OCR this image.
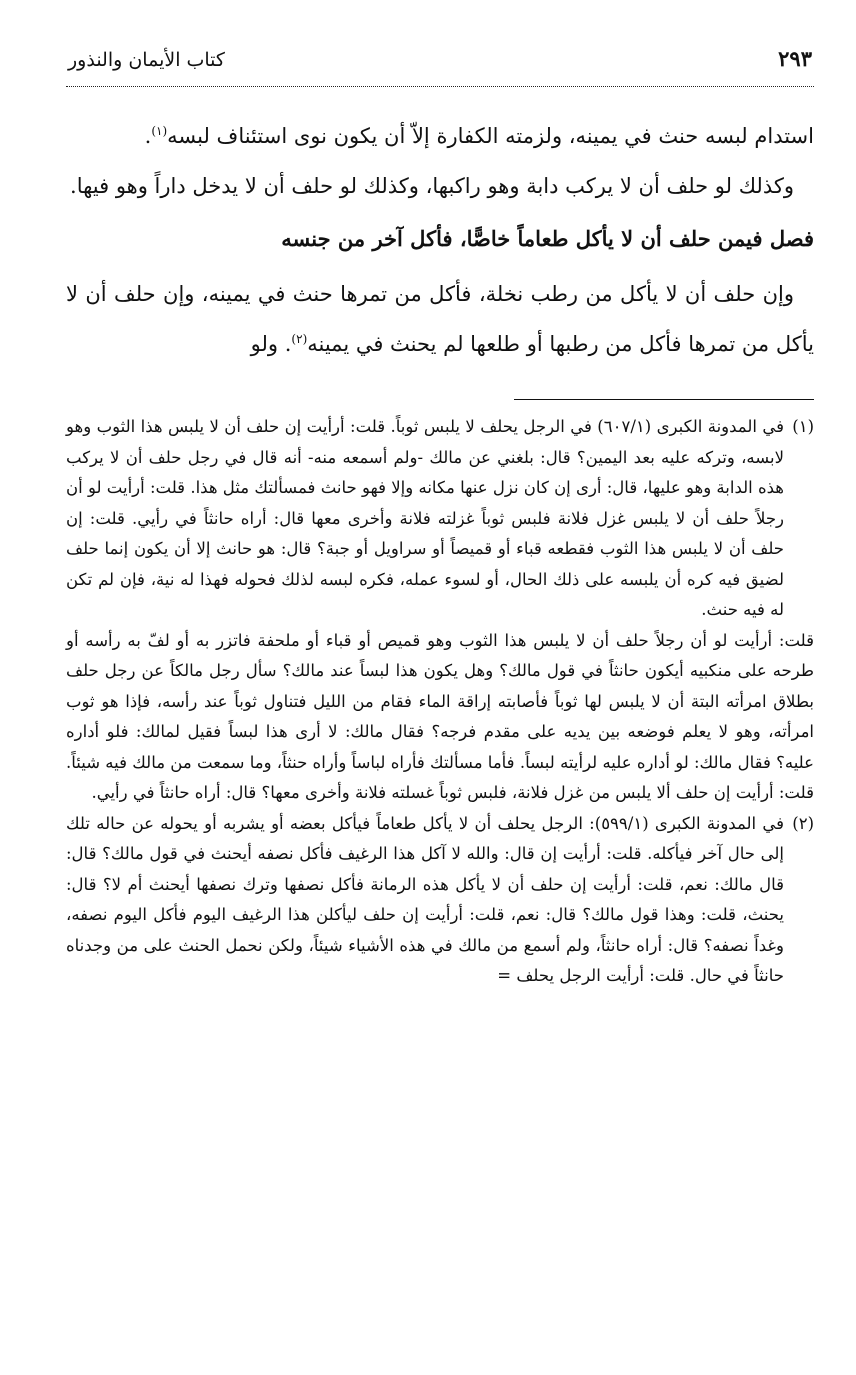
٢٩٣
كتاب الأيمان والنذور

استدام لبسه حنث في يمينه، ولزمته الكفارة إلاّ أن يكون نوى استئناف لبسه$^{(١)}$.

وكذلك لو حلف أن لا يركب دابة وهو راكبها، وكذلك لو حلف أن لا يدخل داراً وهو فيها.

فصل فيمن حلف أن لا يأكل طعاماً خاصًّا، فأكل آخر من جنسه

وإن حلف أن لا يأكل من رطب نخلة، فأكل من تمرها حنث في يمينه، وإن حلف أن لا يأكل من تمرها فأكل من رطبها أو طلعها لم يحنث في يمينه$^{(٢)}$. ولو

(١)

في المدونة الكبرى (٦٠٧/١) في الرجل يحلف لا يلبس ثوباً. قلت: أرأيت إن حلف أن لا يلبس هذا الثوب وهو لابسه، وتركه عليه بعد اليمين؟ قال: بلغني عن مالك -ولم أسمعه منه- أنه قال في رجل حلف أن لا يركب هذه الدابة وهو عليها، قال: أرى إن كان نزل عنها مكانه وإلا فهو حانث فمسألتك مثل هذا. قلت: أرأيت لو أن رجلاً حلف أن لا يلبس غزل فلانة فلبس ثوباً غزلته فلانة وأخرى معها قال: أراه حانثاً في رأيي. قلت: إن حلف أن لا يلبس هذا الثوب فقطعه قباء أو قميصاً أو سراويل أو جبة؟ قال: هو حانث إلا أن يكون إنما حلف لضيق فيه كره أن يلبسه على ذلك الحال، أو لسوء عمله، فكره لبسه لذلك فحوله فهذا له نية، فإن لم تكن له فيه حنث.

قلت: أرأيت لو أن رجلاً حلف أن لا يلبس هذا الثوب وهو قميص أو قباء أو ملحفة فاتزر به أو لفّ به رأسه أو طرحه على منكبيه أيكون حانثاً في قول مالك؟ وهل يكون هذا لبساً عند مالك؟ سأل رجل مالكاً عن رجل حلف بطلاق امرأته البتة أن لا يلبس لها ثوباً فأصابته إراقة الماء فقام من الليل فتناول ثوباً عند رأسه، فإذا هو ثوب امرأته، وهو لا يعلم فوضعه بين يديه على مقدم فرجه؟ فقال مالك: لا أرى هذا لبساً فقيل لمالك: فلو أداره عليه؟ فقال مالك: لو أداره عليه لرأيته لبساً. فأما مسألتك فأراه لباساً وأراه حنثاً، وما سمعت من مالك فيه شيئاً. قلت: أرأيت إن حلف ألا يلبس من غزل فلانة، فلبس ثوباً غسلته فلانة وأخرى معها؟ قال: أراه حانثاً في رأيي.

(٢)

في المدونة الكبرى (٥٩٩/١): الرجل يحلف أن لا يأكل طعاماً فيأكل بعضه أو يشربه أو يحوله عن حاله تلك إلى حال آخر فيأكله. قلت: أرأيت إن قال: والله لا آكل هذا الرغيف فأكل نصفه أيحنث في قول مالك؟ قال: قال مالك: نعم، قلت: أرأيت إن حلف أن لا يأكل هذه الرمانة فأكل نصفها وترك نصفها أيحنث أم لا؟ قال: يحنث، قلت: وهذا قول مالك؟ قال: نعم، قلت: أرأيت إن حلف ليأكلن هذا الرغيف اليوم فأكل اليوم نصفه، وغداً نصفه؟ قال: أراه حانثاً، ولم أسمع من مالك في هذه الأشياء شيئاً، ولكن نحمل الحنث على من وجدناه حانثاً في حال. قلت: أرأيت الرجل يحلف =
